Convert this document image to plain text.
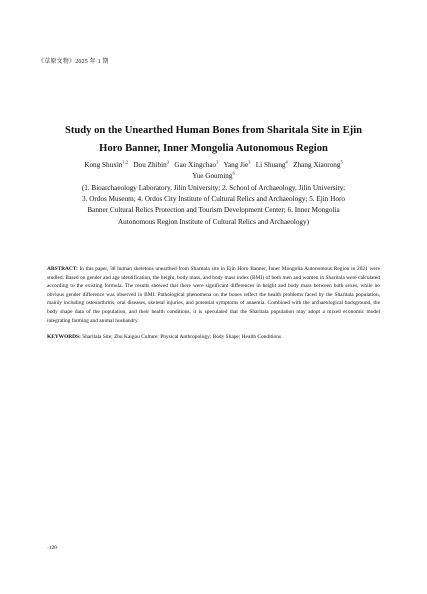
《草原文物》2025 年 1 期
Study on the Unearthed Human Bones from Sharitala Site in Ejin
Horo Banner, Inner Mongolia Autonomous Region
Kong Shuxin$^{1,2}$ Dou Zhibin$^3$ Gao Xingchao$^3$ Yang Jie$^3$ Li Shuang$^4$ Zhang Xiaorong$^5$
Yue Gouming$^6$
(1. Bioarchaeology Laboratory, Jilin University; 2. School of Archaeology, Jilin University;
3. Ordos Museum; 4. Ordos City Institute of Cultural Relics and Archaeology; 5. Ejin Horo
Banner Cultural Relics Protection and Tourism Development Center; 6. Inner Mongolia
Autonomous Region Institute of Cultural Relics and Archaeology)
ABSTRACT: In this paper, 38 human skeletons unearthed from Sharitala site in Ejin Horo Banner, Inner Mongolia Autonomous Region in 2021 were studied. Based on gender and age identification, the height, body mass, and body mass index (BMI) of both men and women in Sharitala were calculated according to the existing formula. The results showed that there were significant differences in height and body mass between both sexes, while no obvious gender difference was observed in BMI. Pathological phenomena on the bones reflect the health problems faced by the Sharitala population, mainly including osteoarthritis, oral diseases, skeletal injuries, and potential symptoms of anaemia. Combined with the archaeological background, the body shape data of the population, and their health conditions, it is speculated that the Sharitala population may adopt a mixed economic model integrating farming and animal husbandry.
KEYWORDS: Sharitala Site; Zhu Kaigou Culture; Physical Anthropology; Body Shape; Health Conditions
·120·
